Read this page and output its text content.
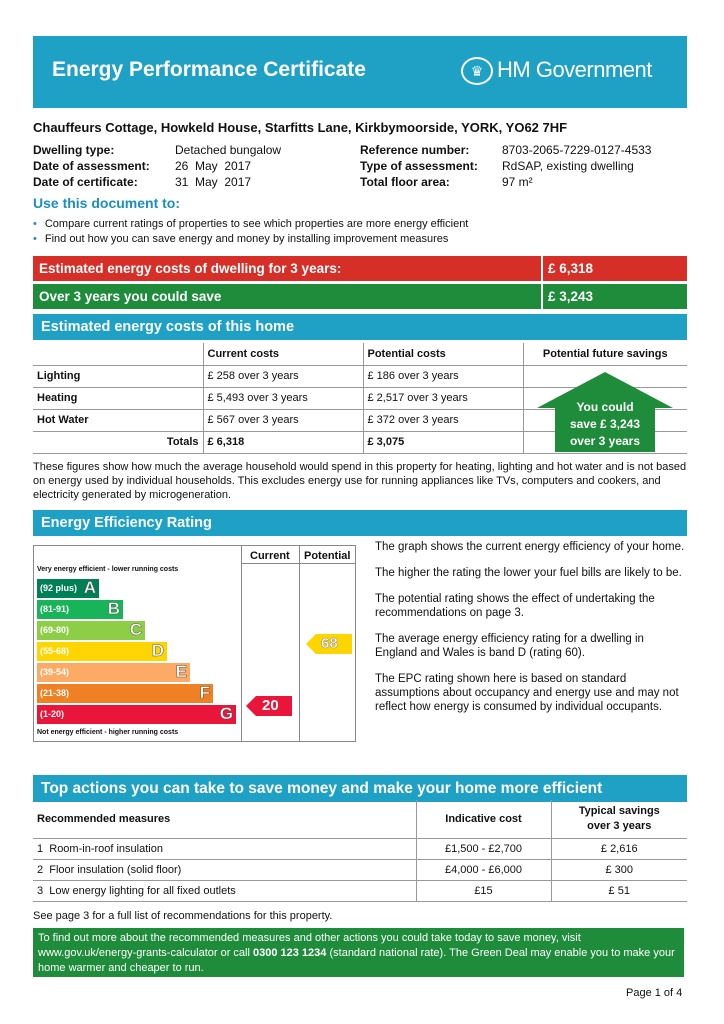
Energy Performance Certificate	♛ HM Government
Chauffeurs Cottage, Howkeld House, Starfitts Lane, Kirkbymoorside, YORK, YO62 7HF
Dwelling type:	Detached bungalow
Date of assessment: 26  May  2017
Date of certificate:	31  May  2017
Reference number:	8703-2065-7229-0127-4533
Type of assessment: RdSAP, existing dwelling
Total floor area:	97 m²
Use this document to:
• Compare current ratings of properties to see which properties are more energy efficient
• Find out how you can save energy and money by installing improvement measures
Estimated energy costs of dwelling for 3 years:	£ 6,318
Over 3 years you could save	£ 3,243
Estimated energy costs of this home
	Current costs	Potential costs	Potential future savings
Lighting	£ 258 over 3 years	£ 186 over 3 years	
Heating	£ 5,493 over 3 years	£ 2,517 over 3 years	
Hot Water	£ 567 over 3 years	£ 372 over 3 years	
Totals	£ 6,318	£ 3,075	
You could
save £ 3,243
over 3 years
These figures show how much the average household would spend in this property for heating, lighting and hot water and is not based on energy used by individual households. This excludes energy use for running appliances like TVs, computers and cookers, and electricity generated by microgeneration.
Energy Efficiency Rating
Current Potential
Very energy efficient - lower running costs
Not energy efficient - higher running costs
(92 plus) A
(81-91) B
(69-80)	C
(55-68)	D
(39-54)	E
(21-38)	F
(1-20)	G 20
68

The graph shows the current energy efficiency of your home.

The higher the rating the lower your fuel bills are likely to be.

The potential rating shows the effect of undertaking the recommendations on page 3.

The average energy efficiency rating for a dwelling in England and Wales is band D (rating 60).

The EPC rating shown here is based on standard assumptions about occupancy and energy use and may not reflect how energy is consumed by individual occupants.

Top actions you can take to save money and make your home more efficient
Recommended measures	Indicative cost	Typical savings
over 3 years

1 Room-in-roof insulation	£1,500 - £2,700	£ 2,616
2 Floor insulation (solid floor)	£4,000 - £6,000	£ 300
3 Low energy lighting for all fixed outlets	£15	£ 51
See page 3 for a full list of recommendations for this property.
To find out more about the recommended measures and other actions you could take today to save money, visit www.gov.uk/energy-grants-calculator or call 0300 123 1234 (standard national rate). The Green Deal may enable you to make your home warmer and cheaper to run.
Page 1 of 4
